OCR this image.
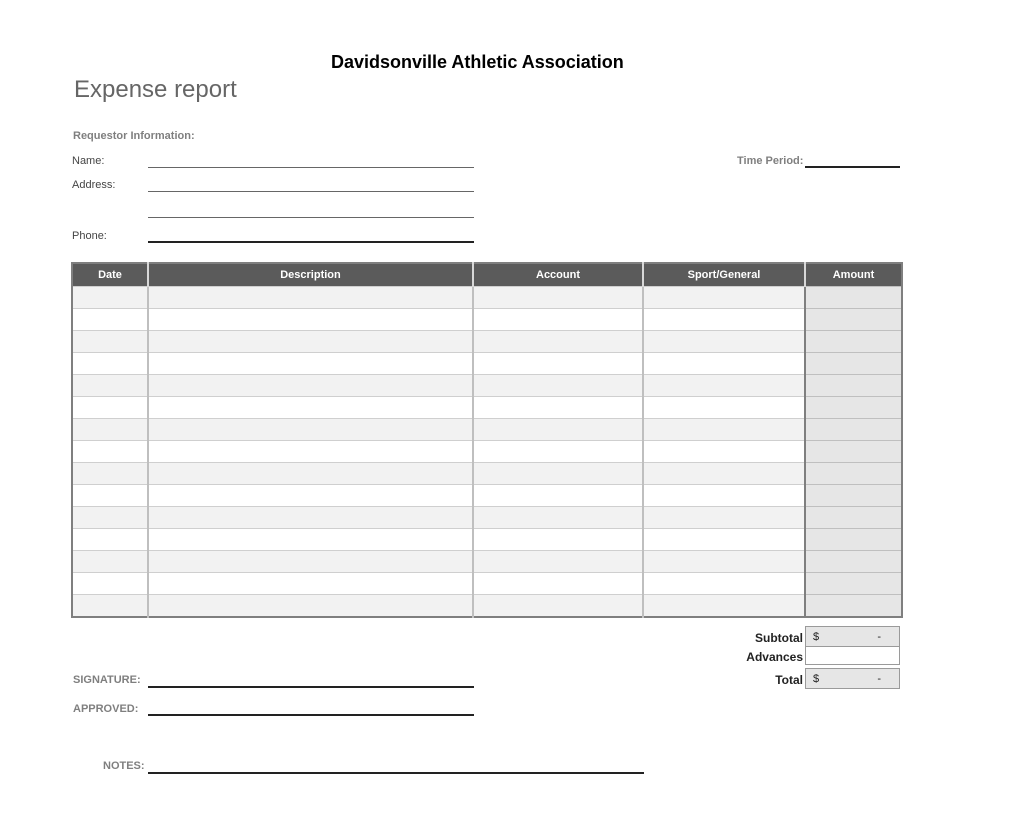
Davidsonville Athletic Association
Expense report
Requestor Information:
Name:
Address:
Phone:
Time Period:
Date	Description	Account	Sport/General	Amount

Subtotal $	-
Advances
Total $	-
SIGNATURE:
APPROVED:
NOTES:
